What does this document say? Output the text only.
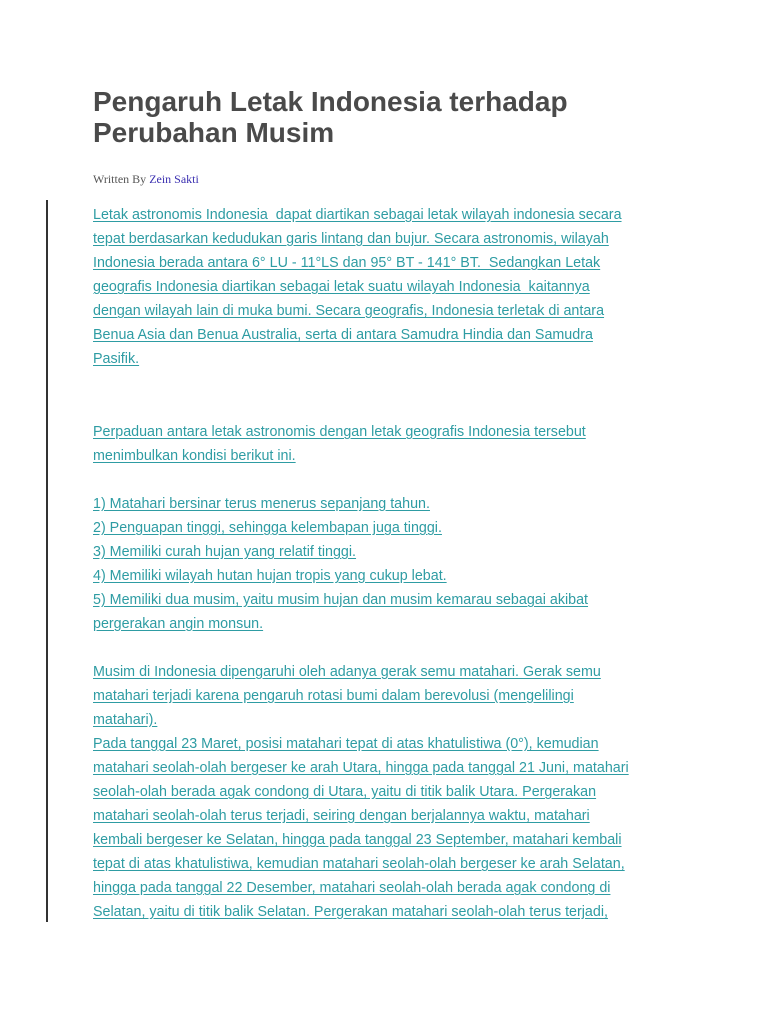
Pengaruh Letak Indonesia terhadap
Perubahan Musim
Written By Zein Sakti
Letak astronomis Indonesia  dapat diartikan sebagai letak wilayah indonesia secara
tepat berdasarkan kedudukan garis lintang dan bujur. Secara astronomis, wilayah
Indonesia berada antara 6° LU - 11°LS dan 95° BT - 141° BT.  Sedangkan Letak
geografis Indonesia diartikan sebagai letak suatu wilayah Indonesia  kaitannya
dengan wilayah lain di muka bumi. Secara geografis, Indonesia terletak di antara
Benua Asia dan Benua Australia, serta di antara Samudra Hindia dan Samudra
Pasifik.
Perpaduan antara letak astronomis dengan letak geografis Indonesia tersebut
menimbulkan kondisi berikut ini.
1) Matahari bersinar terus menerus sepanjang tahun.
2) Penguapan tinggi, sehingga kelembapan juga tinggi.
3) Memiliki curah hujan yang relatif tinggi.
4) Memiliki wilayah hutan hujan tropis yang cukup lebat.
5) Memiliki dua musim, yaitu musim hujan dan musim kemarau sebagai akibat
pergerakan angin monsun.
Musim di Indonesia dipengaruhi oleh adanya gerak semu matahari. Gerak semu
matahari terjadi karena pengaruh rotasi bumi dalam berevolusi (mengelilingi
matahari).
Pada tanggal 23 Maret, posisi matahari tepat di atas khatulistiwa (0°), kemudian
matahari seolah-olah bergeser ke arah Utara, hingga pada tanggal 21 Juni, matahari
seolah-olah berada agak condong di Utara, yaitu di titik balik Utara. Pergerakan
matahari seolah-olah terus terjadi, seiring dengan berjalannya waktu, matahari
kembali bergeser ke Selatan, hingga pada tanggal 23 September, matahari kembali
tepat di atas khatulistiwa, kemudian matahari seolah-olah bergeser ke arah Selatan,
hingga pada tanggal 22 Desember, matahari seolah-olah berada agak condong di
Selatan, yaitu di titik balik Selatan. Pergerakan matahari seolah-olah terus terjadi,
